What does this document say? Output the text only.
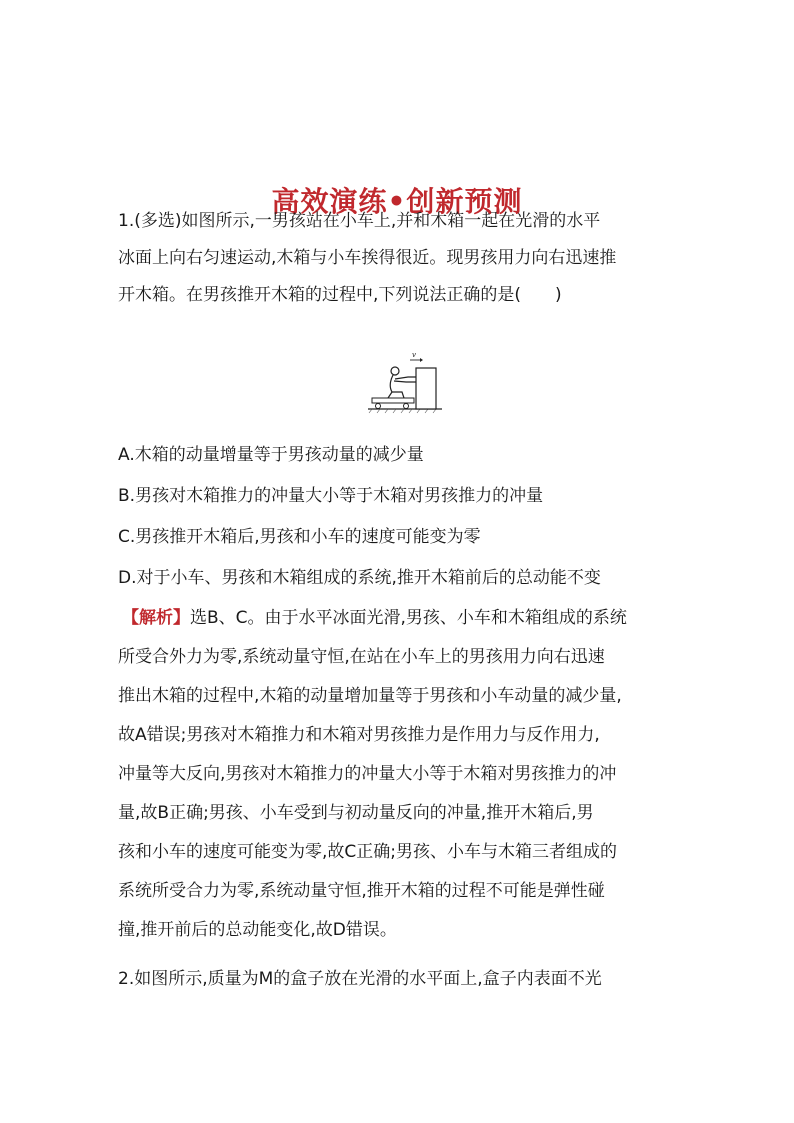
高效演练•创新预测
1.(多选)如图所示,一男孩站在小车上,并和木箱一起在光滑的水平
冰面上向右匀速运动,木箱与小车挨得很近。现男孩用力向右迅速推
开木箱。在男孩推开木箱的过程中,下列说法正确的是(　　)
v
A.木箱的动量增量等于男孩动量的减少量
B.男孩对木箱推力的冲量大小等于木箱对男孩推力的冲量
C.男孩推开木箱后,男孩和小车的速度可能变为零
D.对于小车、男孩和木箱组成的系统,推开木箱前后的总动能不变
【解析】选B、C。由于水平冰面光滑,男孩、小车和木箱组成的系统
所受合外力为零,系统动量守恒,在站在小车上的男孩用力向右迅速
推出木箱的过程中,木箱的动量增加量等于男孩和小车动量的减少量,
故A错误;男孩对木箱推力和木箱对男孩推力是作用力与反作用力,
冲量等大反向,男孩对木箱推力的冲量大小等于木箱对男孩推力的冲
量,故B正确;男孩、小车受到与初动量反向的冲量,推开木箱后,男
孩和小车的速度可能变为零,故C正确;男孩、小车与木箱三者组成的
系统所受合力为零,系统动量守恒,推开木箱的过程不可能是弹性碰
撞,推开前后的总动能变化,故D错误。
2.如图所示,质量为M的盒子放在光滑的水平面上,盒子内表面不光
